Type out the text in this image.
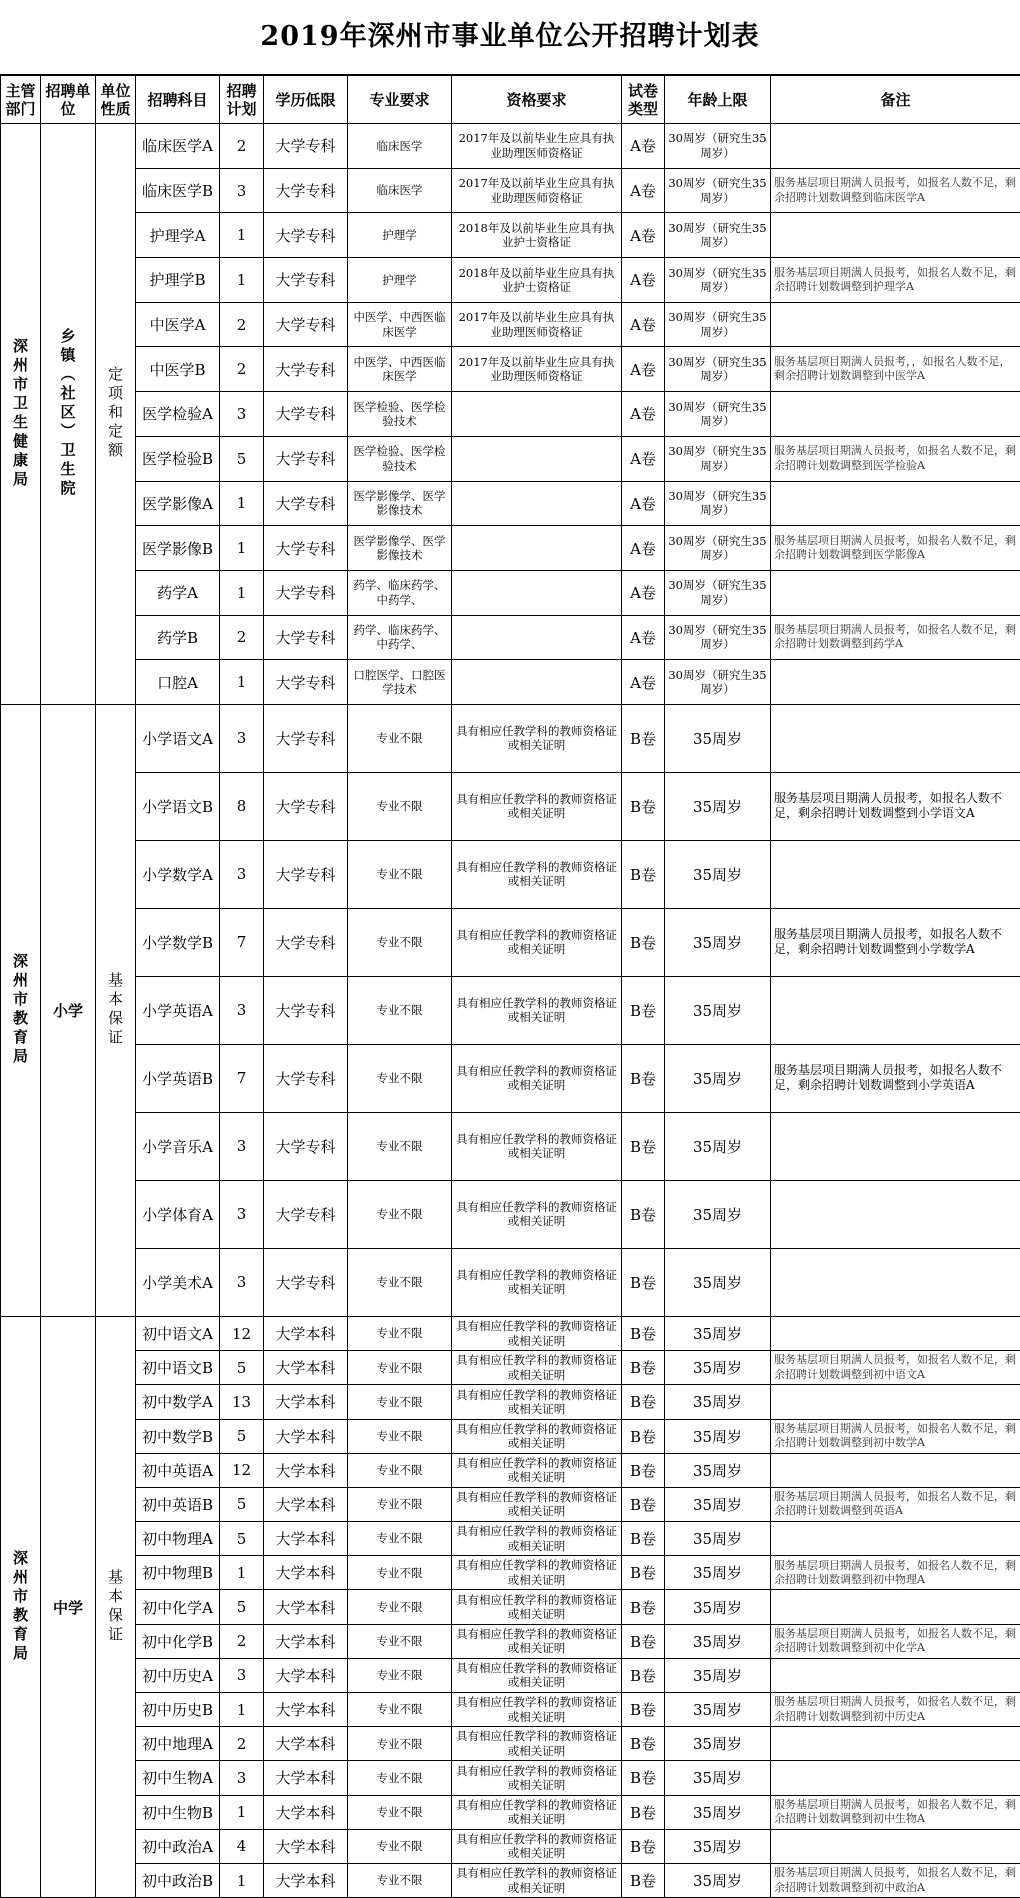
2019年深州市事业单位公开招聘计划表
主管部门	招聘单位	单位性质	招聘科目	招聘计划	学历低限	专业要求	资格要求	试卷类型	年龄上限	备注
深州市卫生健康局	乡镇（社区）卫生院	定项和定额	临床医学A	2	大学专科	临床医学	2017年及以前毕业生应具有执业助理医师资格证	A卷	30周岁（研究生35周岁）	
			临床医学B	3	大学专科	临床医学	2017年及以前毕业生应具有执业助理医师资格证	A卷	30周岁（研究生35周岁）	服务基层项目期满人员报考，如报名人数不足，剩余招聘计划数调整到临床医学A
			护理学A	1	大学专科	护理学	2018年及以前毕业生应具有执业护士资格证	A卷	30周岁（研究生35周岁）	
			护理学B	1	大学专科	护理学	2018年及以前毕业生应具有执业护士资格证	A卷	30周岁（研究生35周岁）	服务基层项目期满人员报考，如报名人数不足，剩余招聘计划数调整到护理学A
			中医学A	2	大学专科	中医学、中西医临床医学	2017年及以前毕业生应具有执业助理医师资格证	A卷	30周岁（研究生35周岁）	
			中医学B	2	大学专科	中医学、中西医临床医学	2017年及以前毕业生应具有执业助理医师资格证	A卷	30周岁（研究生35周岁）	服务基层项目期满人员报考，，如报名人数不足，剩余招聘计划数调整到中医学A
			医学检验A	3	大学专科	医学检验、医学检验技术		A卷	30周岁（研究生35周岁）	
			医学检验B	5	大学专科	医学检验、医学检验技术		A卷	30周岁（研究生35周岁）	服务基层项目期满人员报考，如报名人数不足，剩余招聘计划数调整到医学检验A
			医学影像A	1	大学专科	医学影像学、医学影像技术		A卷	30周岁（研究生35周岁）	
			医学影像B	1	大学专科	医学影像学、医学影像技术		A卷	30周岁（研究生35周岁）	服务基层项目期满人员报考，如报名人数不足，剩余招聘计划数调整到医学影像A
			药学A	1	大学专科	药学、临床药学、中药学、		A卷	30周岁（研究生35周岁）	
			药学B	2	大学专科	药学、临床药学、中药学、		A卷	30周岁（研究生35周岁）	服务基层项目期满人员报考，如报名人数不足，剩余招聘计划数调整到药学A
			口腔A	1	大学专科	口腔医学、口腔医学技术		A卷	30周岁（研究生35周岁）	
深州市教育局	小学	基本保证	小学语文A	3	大学专科	专业不限	具有相应任教学科的教师资格证或相关证明	B卷	35周岁	
			小学语文B	8	大学专科	专业不限	具有相应任教学科的教师资格证或相关证明	B卷	35周岁	服务基层项目期满人员报考，如报名人数不足，剩余招聘计划数调整到小学语文A
			小学数学A	3	大学专科	专业不限	具有相应任教学科的教师资格证或相关证明	B卷	35周岁	
			小学数学B	7	大学专科	专业不限	具有相应任教学科的教师资格证或相关证明	B卷	35周岁	服务基层项目期满人员报考，如报名人数不足，剩余招聘计划数调整到小学数学A
			小学英语A	3	大学专科	专业不限	具有相应任教学科的教师资格证或相关证明	B卷	35周岁	
			小学英语B	7	大学专科	专业不限	具有相应任教学科的教师资格证或相关证明	B卷	35周岁	服务基层项目期满人员报考，如报名人数不足，剩余招聘计划数调整到小学英语A
			小学音乐A	3	大学专科	专业不限	具有相应任教学科的教师资格证或相关证明	B卷	35周岁	
			小学体育A	3	大学专科	专业不限	具有相应任教学科的教师资格证或相关证明	B卷	35周岁	
			小学美术A	3	大学专科	专业不限	具有相应任教学科的教师资格证或相关证明	B卷	35周岁	
深州市教育局	中学	基本保证	初中语文A	12	大学本科	专业不限	具有相应任教学科的教师资格证或相关证明	B卷	35周岁	
			初中语文B	5	大学本科	专业不限	具有相应任教学科的教师资格证或相关证明	B卷	35周岁	服务基层项目期满人员报考，如报名人数不足，剩余招聘计划数调整到初中语文A
			初中数学A	13	大学本科	专业不限	具有相应任教学科的教师资格证或相关证明	B卷	35周岁	
			初中数学B	5	大学本科	专业不限	具有相应任教学科的教师资格证或相关证明	B卷	35周岁	服务基层项目期满人员报考，如报名人数不足，剩余招聘计划数调整到初中数学A
			初中英语A	12	大学本科	专业不限	具有相应任教学科的教师资格证或相关证明	B卷	35周岁	
			初中英语B	5	大学本科	专业不限	具有相应任教学科的教师资格证或相关证明	B卷	35周岁	服务基层项目期满人员报考，如报名人数不足，剩余招聘计划数调整到英语A
			初中物理A	5	大学本科	专业不限	具有相应任教学科的教师资格证或相关证明	B卷	35周岁	
			初中物理B	1	大学本科	专业不限	具有相应任教学科的教师资格证或相关证明	B卷	35周岁	服务基层项目期满人员报考，如报名人数不足，剩余招聘计划数调整到初中物理A
			初中化学A	5	大学本科	专业不限	具有相应任教学科的教师资格证或相关证明	B卷	35周岁	
			初中化学B	2	大学本科	专业不限	具有相应任教学科的教师资格证或相关证明	B卷	35周岁	服务基层项目期满人员报考，如报名人数不足，剩余招聘计划数调整到初中化学A
			初中历史A	3	大学本科	专业不限	具有相应任教学科的教师资格证或相关证明	B卷	35周岁	
			初中历史B	1	大学本科	专业不限	具有相应任教学科的教师资格证或相关证明	B卷	35周岁	服务基层项目期满人员报考，如报名人数不足，剩余招聘计划数调整到初中历史A
			初中地理A	2	大学本科	专业不限	具有相应任教学科的教师资格证或相关证明	B卷	35周岁	
			初中生物A	3	大学本科	专业不限	具有相应任教学科的教师资格证或相关证明	B卷	35周岁	
			初中生物B	1	大学本科	专业不限	具有相应任教学科的教师资格证或相关证明	B卷	35周岁	服务基层项目期满人员报考，如报名人数不足，剩余招聘计划数调整到初中生物A
			初中政治A	4	大学本科	专业不限	具有相应任教学科的教师资格证或相关证明	B卷	35周岁	
			初中政治B	1	大学本科	专业不限	具有相应任教学科的教师资格证或相关证明	B卷	35周岁	服务基层项目期满人员报考，如报名人数不足，剩余招聘计划数调整到初中政治A
